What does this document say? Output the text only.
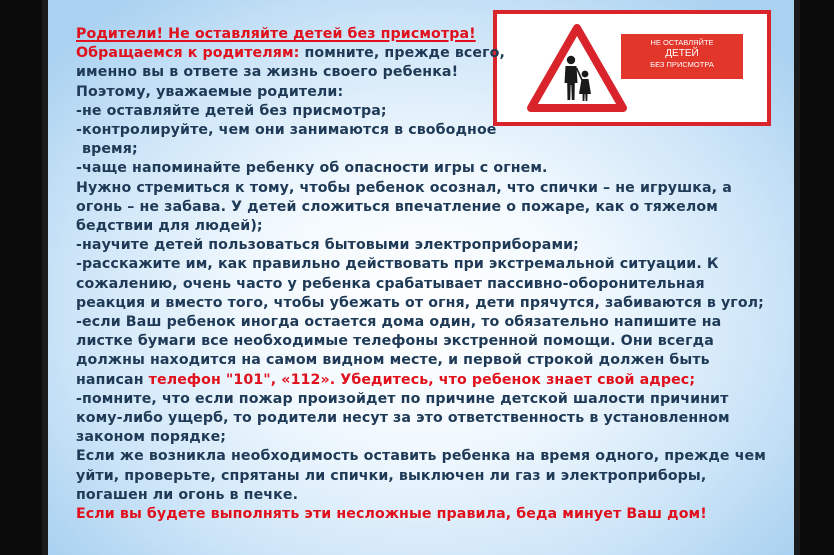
НЕ ОСТАВЛЯЙТЕ
ДЕТЕЙ
БЕЗ ПРИСМОТРА
Родители! Не оставляйте детей без присмотра!
Обращаемся к родителям: помните, прежде всего,
именно вы в ответе за жизнь своего ребенка!
Поэтому, уважаемые родители:
-не оставляйте детей без присмотра;
-контролируйте, чем они занимаются в свободное
время;
-чаще напоминайте ребенку об опасности игры с огнем.
Нужно стремиться к тому, чтобы ребенок осознал, что спички – не игрушка, а
огонь – не забава. У детей сложиться впечатление о пожаре, как о тяжелом
бедствии для людей);
-научите детей пользоваться бытовыми электроприборами;
-расскажите им, как правильно действовать при экстремальной ситуации. К
сожалению, очень часто у ребенка срабатывает пассивно-оборонительная
реакция и вместо того, чтобы убежать от огня, дети прячутся, забиваются в угол;
-если Ваш ребенок иногда остается дома один, то обязательно напишите на
листке бумаги все необходимые телефоны экстренной помощи. Они всегда
должны находится на самом видном месте, и первой строкой должен быть
написан телефон "101", «112». Убедитесь, что ребенок знает свой адрес;
-помните, что если пожар произойдет по причине детской шалости причинит
кому-либо ущерб, то родители несут за это ответственность в установленном
законом порядке;
Если же возникла необходимость оставить ребенка на время одного, прежде чем
уйти, проверьте, спрятаны ли спички, выключен ли газ и электроприборы,
погашен ли огонь в печке.
Если вы будете выполнять эти несложные правила, беда минует Ваш дом!
